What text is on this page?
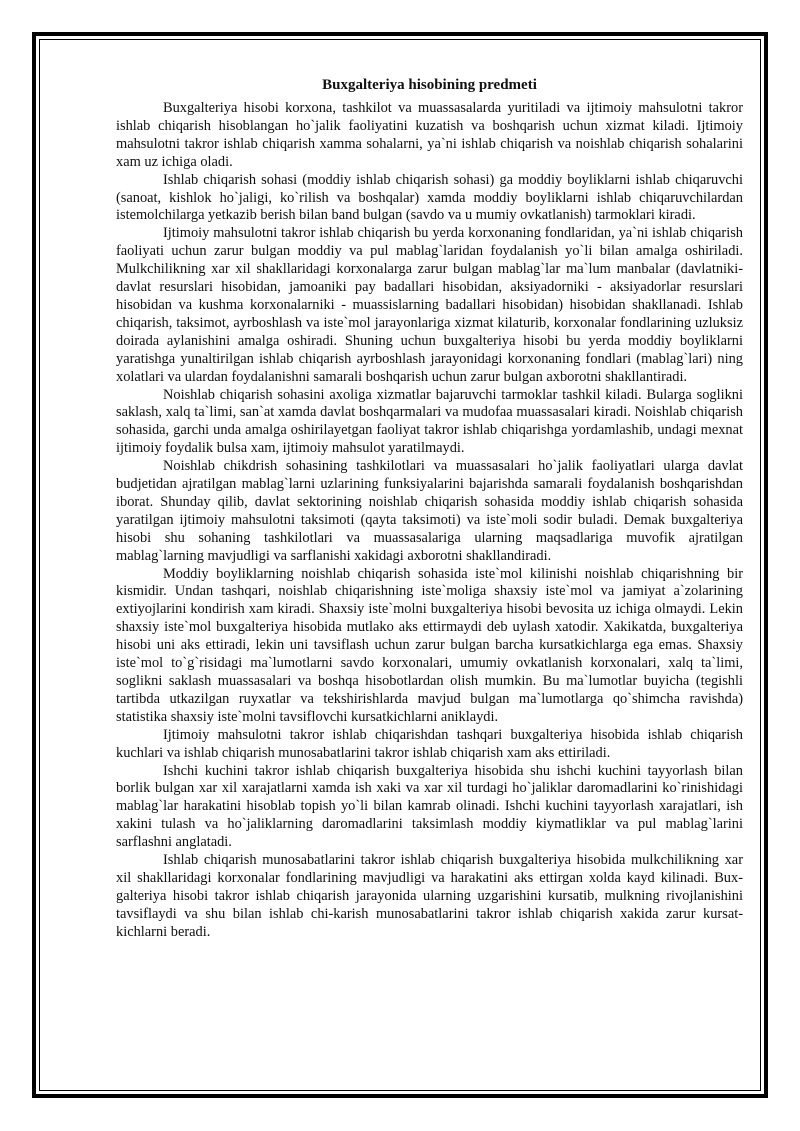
Buxgalteriya hisobining predmeti

Buxgalteriya hisobi korxona, tashkilot va muassasalarda yuritiladi va ijtimoiy mahsulotni takror ishlab chiqarish hisoblangan ho`jalik faoliyatini kuzatish va boshqarish uchun xizmat kiladi. Ijtimoiy mahsulotni takror ishlab chiqarish xamma sohalarni, ya`ni ishlab chiqarish va noishlab chiqarish sohalarini xam uz ichiga oladi.

Ishlab chiqarish sohasi (moddiy ishlab chiqarish sohasi) ga moddiy boyliklarni ishlab chiqaruvchi (sanoat, kishlok ho`jaligi, ko`rilish va boshqalar) xamda moddiy boyliklarni ishlab chiqaruvchilardan istemolchilarga yetkazib berish bilan band bulgan (savdo va u mumiy ovkatlanish) tarmoklari kiradi.

Ijtimoiy mahsulotni takror ishlab chiqarish bu yerda korxonaning fondlaridan, ya`ni ishlab chiqarish faoliyati uchun zarur bulgan moddiy va pul mablag`laridan foydalanish yo`li bilan amalga oshiriladi. Mulkchilikning xar xil shakllaridagi korxonalarga zarur bulgan mablag`lar ma`lum manbalar (davlatniki-davlat resurslari hisobidan, jamoaniki pay badallari hisobidan, aksiyadorniki - aksiyadorlar resurslari hisobidan va kushma korxonalarniki - muassislarning badallari hisobidan) hisobidan shakllanadi. Ishlab chiqarish, taksimot, ayrboshlash va iste`mol jarayonlariga xizmat kilaturib, korxonalar fondlarining uzluksiz doirada aylanishini amalga oshiradi. Shuning uchun buxgalteriya hisobi bu yerda moddiy boyliklarni yaratishga yunaltirilgan ishlab chiqarish ayrboshlash jarayonidagi korxonaning fondlari (mablag`lari) ning xolatlari va ulardan foydalanishni samarali boshqarish uchun zarur bulgan axborotni shakllantiradi.

Noishlab chiqarish sohasini axoliga xizmatlar bajaruvchi tarmoklar tashkil kiladi. Bularga soglikni saklash, xalq ta`limi, san`at xamda davlat boshqarmalari va mudofaa muassasalari kiradi. Noishlab chiqarish sohasida, garchi unda amalga oshirilayetgan faoliyat takror ishlab chiqarishga yordamlashib, undagi mexnat ijtimoiy foydalik bulsa xam, ijtimoiy mahsulot yaratilmaydi.

Noishlab chikdrish sohasining tashkilotlari va muassasalari ho`jalik faoliyatlari ularga davlat budjetidan ajratilgan mablag`larni uzlarining funksiyalarini bajarishda samarali foydalanish boshqarishdan iborat. Shunday qilib, davlat sektorining noishlab chiqarish sohasida moddiy ishlab chiqarish sohasida yaratilgan ijtimoiy mahsulotni taksimoti (qayta taksimoti) va iste`moli sodir buladi. Demak buxgalteriya hisobi shu sohaning tashkilotlari va muassasalariga ularning maqsadlariga muvofik ajratilgan mablag`larning mavjudligi va sarflanishi xakidagi axborotni shakllandiradi.

Moddiy boyliklarning noishlab chiqarish sohasida iste`mol kilinishi noishlab chiqarishning bir kismidir. Undan tashqari, noishlab chiqarishning iste`moliga shaxsiy iste`mol va jamiyat a`zolarining extiyojlarini kondirish xam kiradi. Shaxsiy iste`molni buxgalteriya hisobi bevosita uz ichiga olmaydi. Lekin shaxsiy iste`mol buxgalteriya hisobida mutlako aks ettirmaydi deb uylash xatodir. Xakikatda, buxgalteriya hisobi uni aks ettiradi, lekin uni tavsiflash uchun zarur bulgan barcha kursatkichlarga ega emas. Shaxsiy iste`mol to`g`risidagi ma`lumotlarni savdo korxonalari, umumiy ovkatlanish korxonalari, xalq ta`limi, soglikni saklash muassasalari va boshqa hisobotlardan olish mumkin. Bu ma`lumotlar buyicha (tegishli tartibda utkazilgan ruyxatlar va tekshirishlarda mavjud bulgan ma`lumotlarga qo`shimcha ravishda) statistika shaxsiy iste`molni tavsiflovchi kursatkichlarni aniklaydi.

Ijtimoiy mahsulotni takror ishlab chiqarishdan tashqari buxgalteriya hisobida ishlab chiqarish kuchlari va ishlab chiqarish munosabatlarini takror ishlab chiqarish xam aks ettiriladi.

Ishchi kuchini takror ishlab chiqarish buxgalteriya hisobida shu ishchi kuchini tayyorlash bilan borlik bulgan xar xil xarajatlarni xamda ish xaki va xar xil turdagi ho`jaliklar daromadlarini ko`rinishidagi mablag`lar harakatini hisoblab topish yo`li bilan kamrab olinadi. Ishchi kuchini tayyorlash xarajatlari, ish xakini tulash va ho`jaliklarning daromadlarini taksimlash moddiy kiymatliklar va pul mablag`larini sarflashni anglatadi.

Ishlab chiqarish munosabatlarini takror ishlab chiqarish buxgalteriya hisobida mulkchilikning xar xil shakllaridagi korxonalar fondlarining mavjudligi va harakatini aks ettirgan xolda kayd kilinadi. Bux-galteriya hisobi takror ishlab chiqarish jarayonida ularning uzgarishini kursatib, mulkning rivojlanishini tavsiflaydi va shu bilan ishlab chi-karish munosabatlarini takror ishlab chiqarish xakida zarur kursat-kichlarni beradi.
